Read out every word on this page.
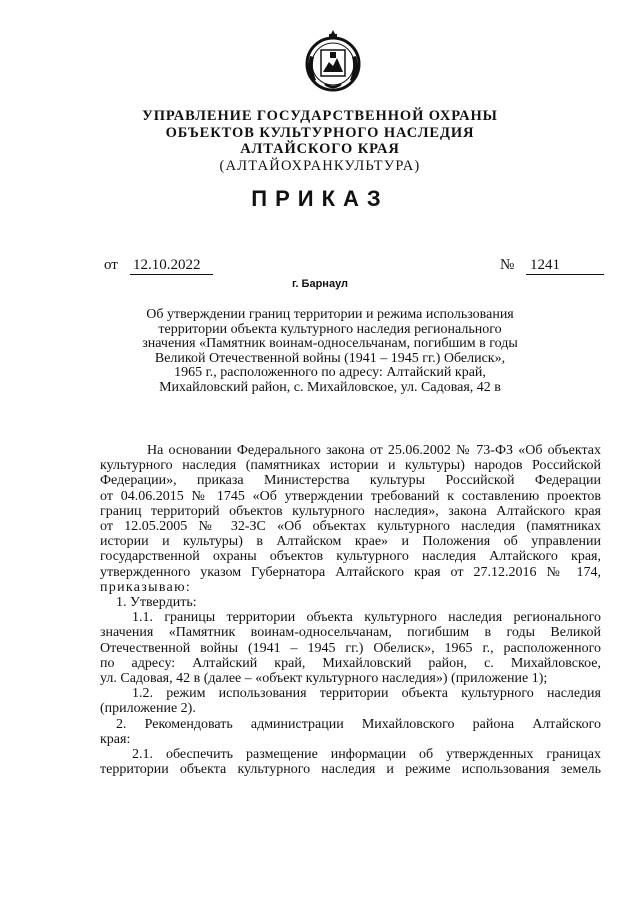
УПРАВЛЕНИЕ ГОСУДАРСТВЕННОЙ ОХРАНЫ
ОБЪЕКТОВ КУЛЬТУРНОГО НАСЛЕДИЯ
АЛТАЙСКОГО КРАЯ
(АЛТАЙОХРАНКУЛЬТУРА)
ПРИКАЗ
от 12.10.2022	№ 1241
г. Барнаул
Об утверждении границ территории и режима использования
территории объекта культурного наследия регионального
значения «Памятник воинам-односельчанам, погибшим в годы
Великой Отечественной войны (1941 – 1945 гг.) Обелиск»,
1965 г., расположенного по адресу: Алтайский край,
Михайловский район, с. Михайловское, ул. Садовая, 42 в

На основании Федерального закона от 25.06.2002 № 73-ФЗ «Об объектах

культурного наследия (памятниках истории и культуры) народов Российской

Федерации», приказа Министерства культуры Российской Федерации

от 04.06.2015 № 1745 «Об утверждении требований к составлению проектов

границ территорий объектов культурного наследия», закона Алтайского края

от 12.05.2005 № 32-ЗС «Об объектах культурного наследия (памятниках

истории и культуры) в Алтайском крае» и Положения об управлении

государственной охраны объектов культурного наследия Алтайского края,

утвержденного указом Губернатора Алтайского края от 27.12.2016 № 174,

приказываю:

1. Утвердить:

1.1. границы территории объекта культурного наследия регионального

значения «Памятник воинам-односельчанам, погибшим в годы Великой

Отечественной войны (1941 – 1945 гг.) Обелиск», 1965 г., расположенного

по адресу: Алтайский край, Михайловский район, с. Михайловское,

ул. Садовая, 42 в (далее – «объект культурного наследия») (приложение 1);

1.2. режим использования территории объекта культурного наследия

(приложение 2).

2. Рекомендовать администрации Михайловского района Алтайского

края:

2.1. обеспечить размещение информации об утвержденных границах

территории объекта культурного наследия и режиме использования земель
